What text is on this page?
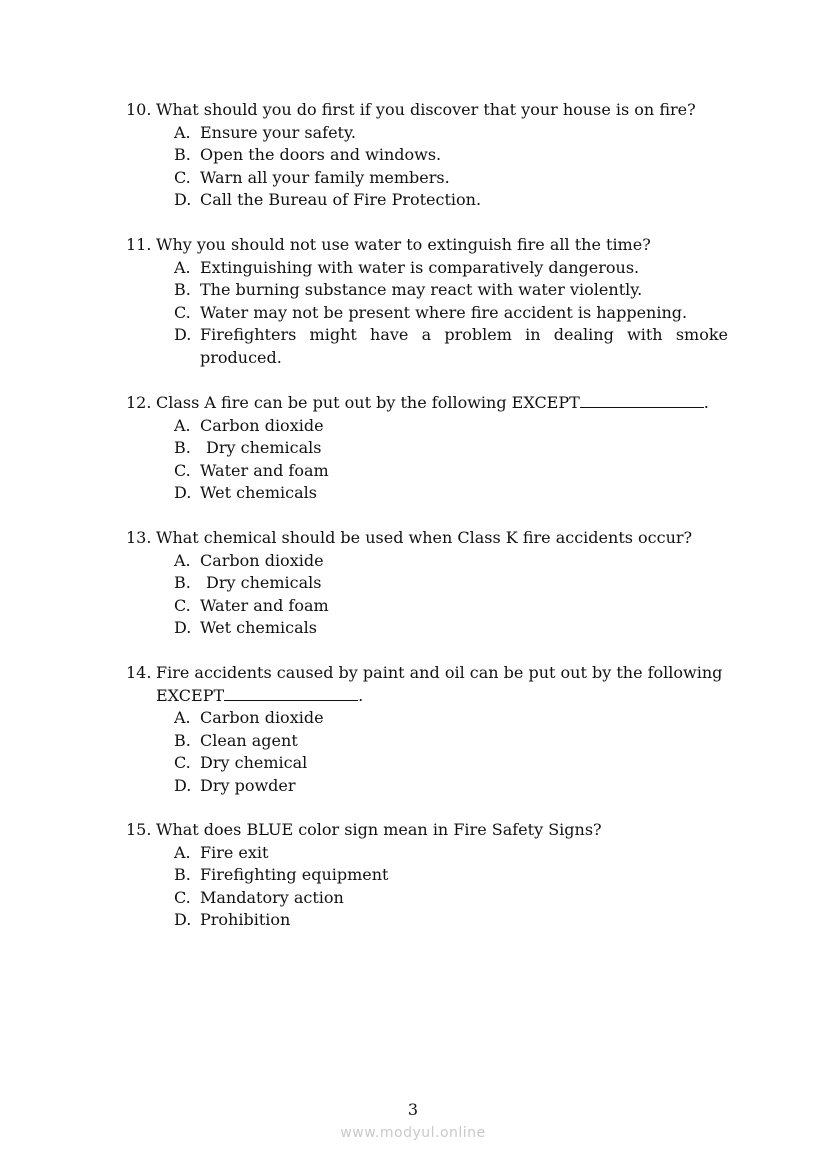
10. What should you do first if you discover that your house is on fire?
A. Ensure your safety.
B. Open the doors and windows.
C. Warn all your family members.
D. Call the Bureau of Fire Protection.
11. Why you should not use water to extinguish fire all the time?
A. Extinguishing with water is comparatively dangerous.
B. The burning substance may react with water violently.
C. Water may not be present where fire accident is happening.
D. Firefighters might have a problem in dealing with smoke
produced.
12. Class A fire can be put out by the following EXCEPT	.
A. Carbon dioxide
B. Dry chemicals
C. Water and foam
D. Wet chemicals
13. What chemical should be used when Class K fire accidents occur?
A. Carbon dioxide
B. Dry chemicals
C. Water and foam
D. Wet chemicals
14. Fire accidents caused by paint and oil can be put out by the following
EXCEPT	.
A. Carbon dioxide
B. Clean agent
C. Dry chemical
D. Dry powder
15. What does BLUE color sign mean in Fire Safety Signs?
A. Fire exit
B. Firefighting equipment
C. Mandatory action
D. Prohibition
3
www.modyul.online
